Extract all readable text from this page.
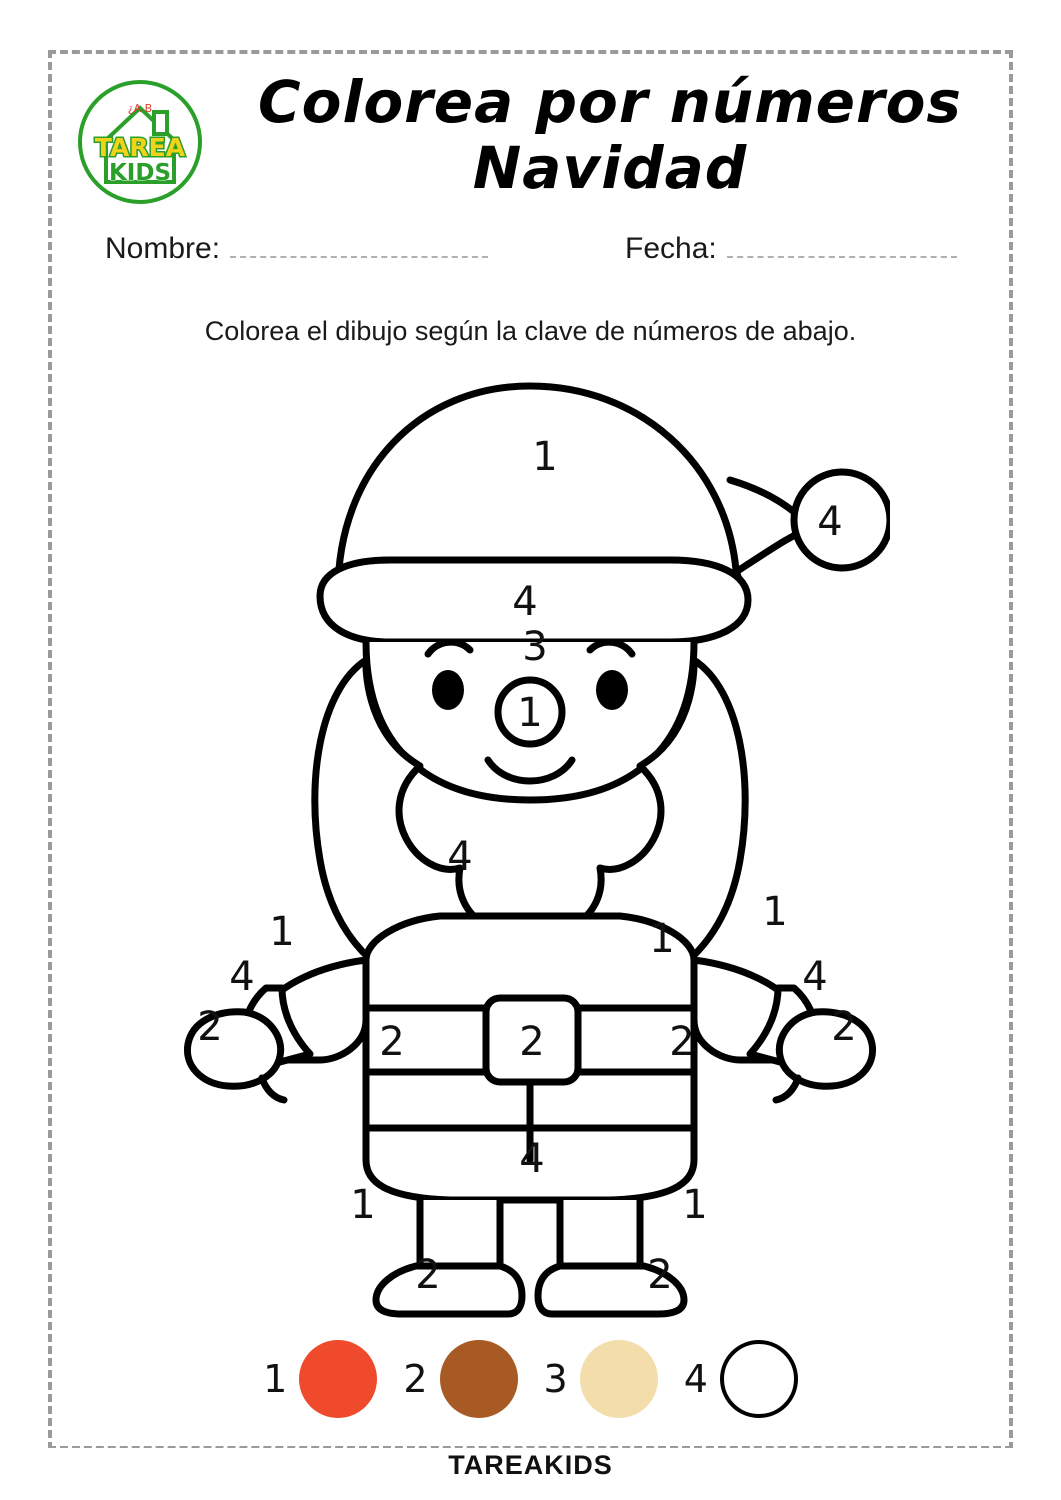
¿A B
TAREA
KIDS
Colorea por números
Navidad
Nombre:	Fecha:
Colorea el dibujo según la clave de números de abajo.
1
4
4
3
1
4
1	1
4	4
2	2
2	2	2
1
4
1	1
2	2
1	2	3	4
TAREAKIDS
